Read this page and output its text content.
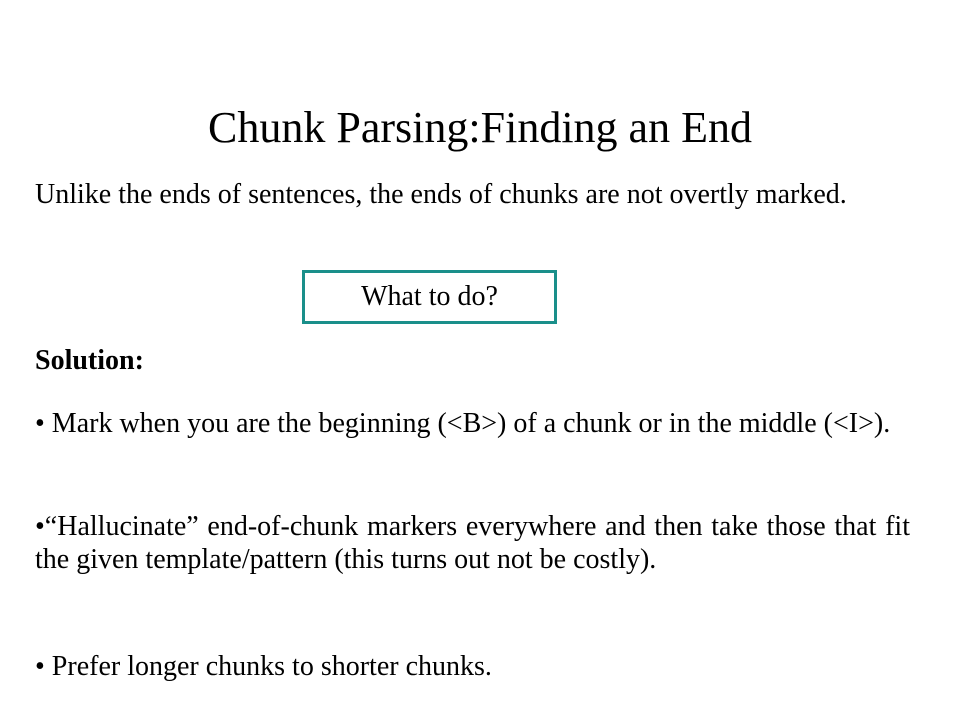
Chunk Parsing:Finding an End
Unlike the ends of sentences, the ends of chunks are not overtly marked.
What to do?
Solution:
• Mark when you are the beginning (<B>) of a chunk or in the middle (<I>).
•“Hallucinate” end-of-chunk markers everywhere and then take those that fit the given template/pattern (this turns out not be costly).
• Prefer longer chunks to shorter chunks.
